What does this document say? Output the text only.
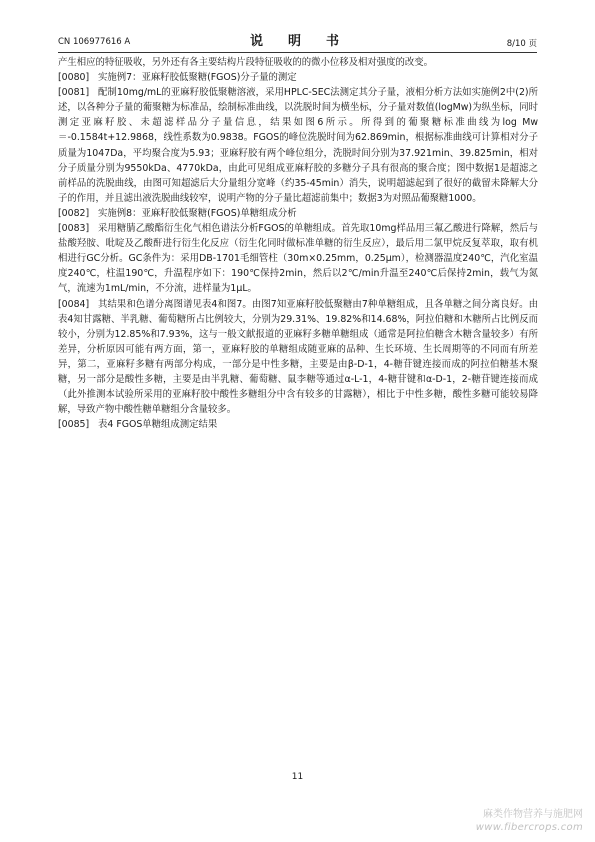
CN 106977616 A	说　明　书	8/10 页

产生相应的特征吸收，另外还有各主要结构片段特征吸收的的微小位移及相对强度的改变。

[0080] 实施例7：亚麻籽胶低聚糖(FGOS)分子量的测定

[0081] 配制10mg/mL的亚麻籽胶低聚糖溶液，采用HPLC-SEC法测定其分子量，液相分析方法如实施例2中(2)所述，以各种分子量的葡聚糖为标准品，绘制标准曲线，以洗脱时间为横坐标，分子量对数值(logMw)为纵坐标，同时测定亚麻籽胶、未超滤样品分子量信息，结果如图6所示。所得到的葡聚糖标准曲线为log Mw＝-0.1584t+12.9868，线性系数为0.9838。FGOS的峰位洗脱时间为62.869min，根据标准曲线可计算相对分子质量为1047Da，平均聚合度为5.93；亚麻籽胶有两个峰位组分，洗脱时间分别为37.921min、39.825min，相对分子质量分别为9550kDa、4770kDa，由此可见组成亚麻籽胶的多糖分子具有很高的聚合度；图中数据1是超滤之前样品的洗脱曲线，由图可知超滤后大分量组分宽峰（约35-45min）消失，说明超滤起到了很好的截留未降解大分子的作用，并且滤出液洗脱曲线较窄，说明产物的分子量比超滤前集中；数据3为对照品葡聚糖1000。

[0082] 实施例8：亚麻籽胶低聚糖(FGOS)单糖组成分析

[0083] 采用糖腈乙酸酯衍生化气相色谱法分析FGOS的单糖组成。首先取10mg样品用三氟乙酸进行降解，然后与盐酸羟胺、吡啶及乙酸酐进行衍生化反应（衍生化同时做标准单糖的衍生反应），最后用二氯甲烷反复萃取，取有机相进行GC分析。GC条件为：采用DB-1701毛细管柱（30m×0.25mm，0.25μm），检测器温度240℃，汽化室温度240℃，柱温190℃，升温程序如下：190℃保持2min，然后以2℃/min升温至240℃后保持2min，载气为氮气，流速为1mL/min，不分流，进样量为1μL。

[0084] 其结果和色谱分离图谱见表4和图7。由图7知亚麻籽胶低聚糖由7种单糖组成，且各单糖之间分离良好。由表4知甘露糖、半乳糖、葡萄糖所占比例较大，分别为29.31%、19.82%和14.68%，阿拉伯糖和木糖所占比例反而较小，分别为12.85%和7.93%，这与一般文献报道的亚麻籽多糖单糖组成（通常是阿拉伯糖含木糖含量较多）有所差异，分析原因可能有两方面，第一，亚麻籽胶的单糖组成随亚麻的品种、生长环境、生长周期等的不同而有所差异，第二，亚麻籽多糖有两部分构成，一部分是中性多糖，主要是由β-D-1，4-糖苷键连接而成的阿拉伯糖基木聚糖，另一部分是酸性多糖，主要是由半乳糖、葡萄糖、鼠李糖等通过α-L-1，4-糖苷键和α-D-1，2-糖苷键连接而成（此外推测本试验所采用的亚麻籽胶中酸性多糖组分中含有较多的甘露糖），相比于中性多糖，酸性多糖可能较易降解，导致产物中酸性糖单糖组分含量较多。

[0085] 表4 FGOS单糖组成测定结果

11
麻类作物营养与施肥网
www.fibercrops.com
